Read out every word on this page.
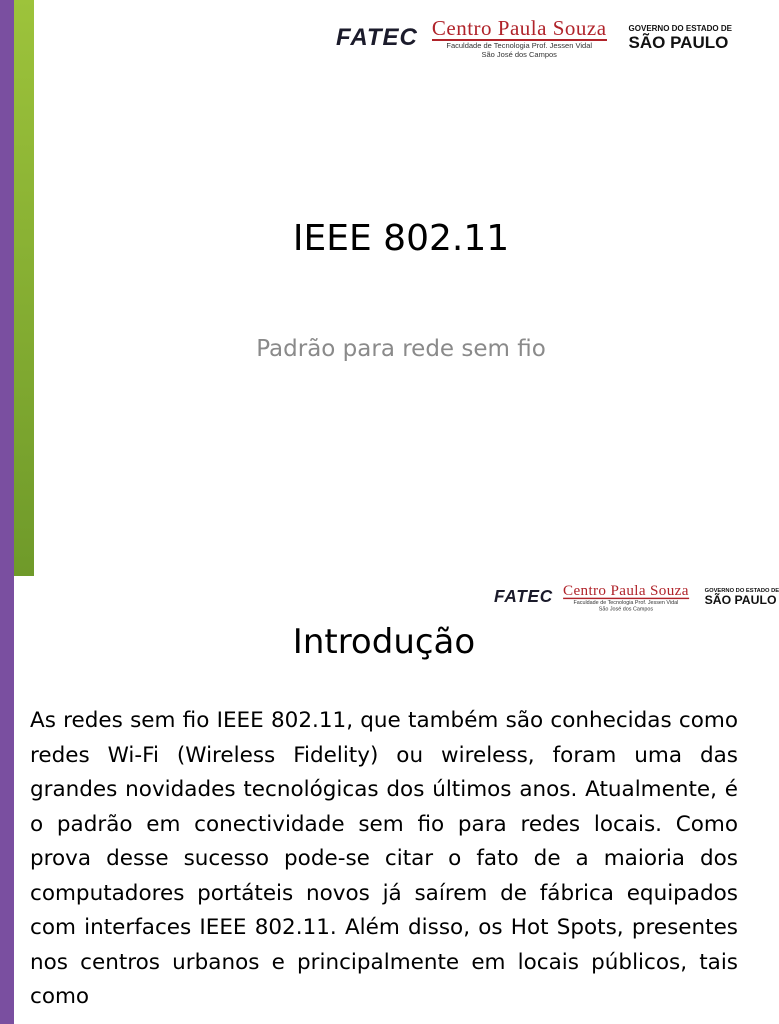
FATEC Centro Paula Souza
Faculdade de Tecnologia Prof. Jessen Vidal
São José dos Campos
GOVERNO DO ESTADO DE
SÃO PAULO
IEEE 802.11
Padrão para rede sem fio
FATEC Centro Paula Souza
Faculdade de Tecnologia Prof. Jessen Vidal
São José dos Campos
GOVERNO DO ESTADO DE
SÃO PAULO
Introdução

As redes sem fio IEEE 802.11, que também são conhecidas como redes Wi-Fi (Wireless Fidelity) ou wireless, foram uma das grandes novidades tecnológicas dos últimos anos. Atualmente, é o padrão em conectividade sem fio para redes locais. Como prova desse sucesso pode-se citar o fato de a maioria dos computadores portáteis novos já saírem de fábrica equipados com interfaces IEEE 802.11. Além disso, os Hot Spots, presentes nos centros urbanos e principalmente em locais públicos, tais como
